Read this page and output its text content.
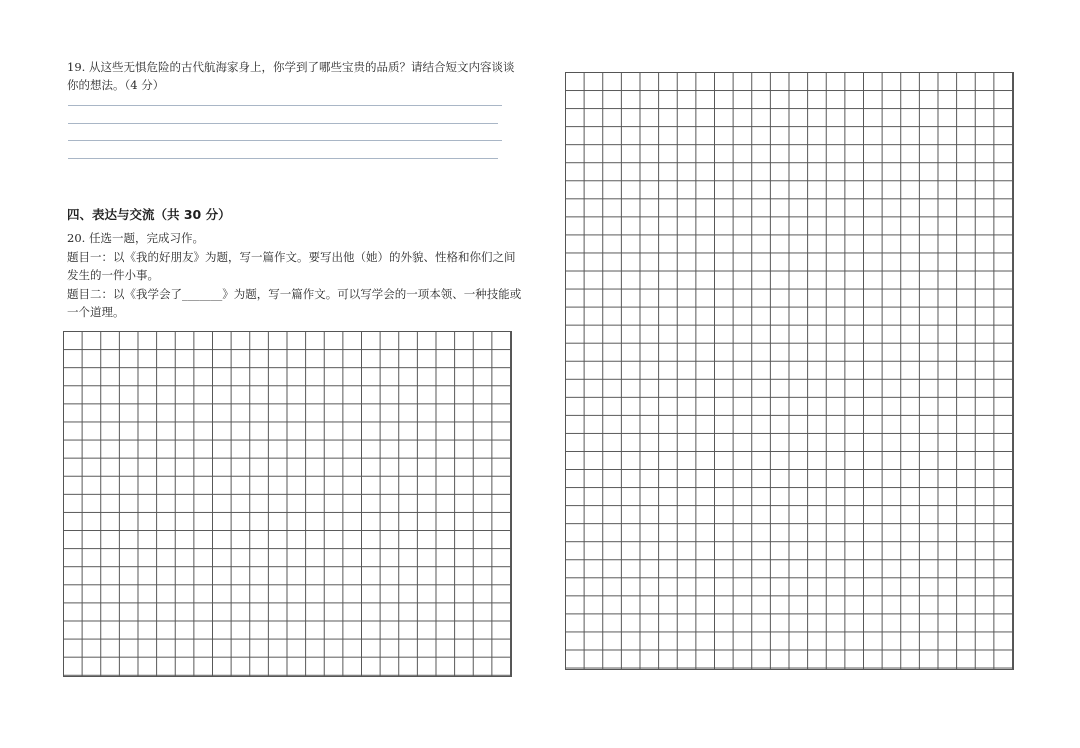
19. 从这些无惧危险的古代航海家身上，你学到了哪些宝贵的品质？请结合短文内容谈谈你的想法。（4 分）
四、表达与交流（共 30 分）

20. 任选一题，完成习作。

题目一：以《我的好朋友》为题，写一篇作文。要写出他（她）的外貌、性格和你们之间发生的一件小事。

题目二：以《我学会了_______》为题，写一篇作文。可以写学会的一项本领、一种技能或一个道理。
